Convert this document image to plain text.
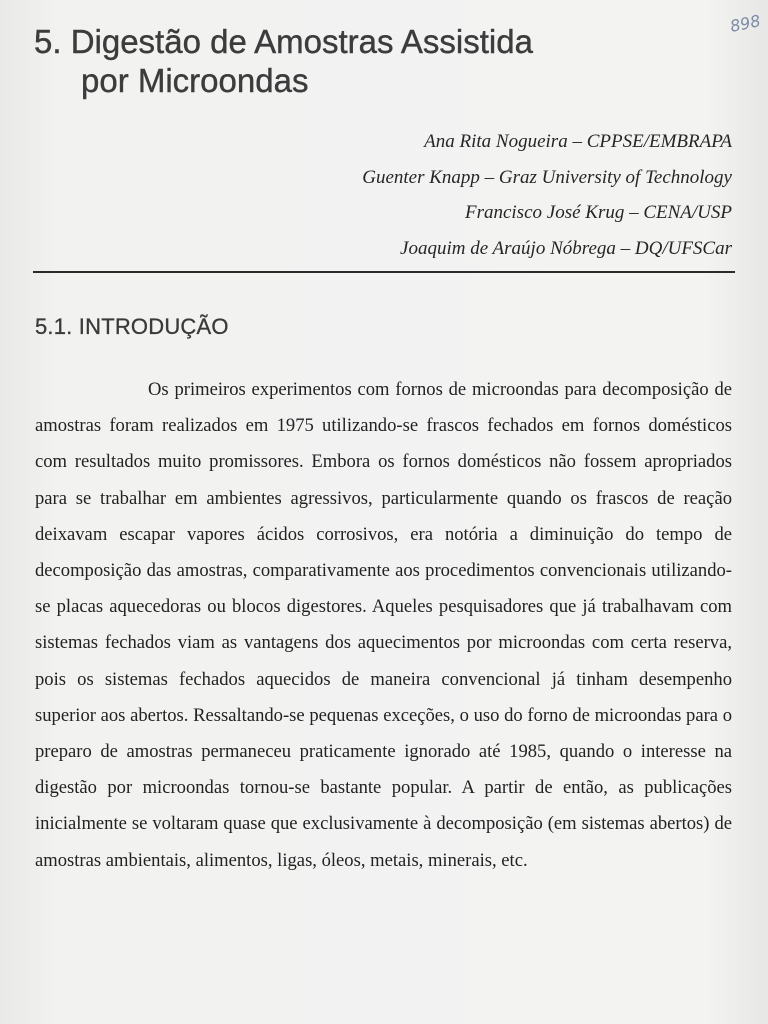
5. Digestão de Amostras Assistida
por Microondas
898
Ana Rita Nogueira – CPPSE/EMBRAPA
Guenter Knapp – Graz University of Technology
Francisco José Krug – CENA/USP
Joaquim de Araújo Nóbrega – DQ/UFSCar
5.1. INTRODUÇÃO

Os primeiros experimentos com fornos de microondas para decomposição de amostras foram realizados em 1975 utilizando-se frascos fechados em fornos domésticos com resultados muito promissores. Embora os fornos domésticos não fossem apropriados para se trabalhar em ambientes agressivos, particularmente quando os frascos de reação deixavam escapar vapores ácidos corrosivos, era notória a diminuição do tempo de decomposição das amostras, comparativamente aos procedimentos convencionais utilizando-se placas aquecedoras ou blocos digestores. Aqueles pesquisadores que já trabalhavam com sistemas fechados viam as vantagens dos aquecimentos por microondas com certa reserva, pois os sistemas fechados aquecidos de maneira convencional já tinham desempenho superior aos abertos. Ressaltando-se pequenas exceções, o uso do forno de microondas para o preparo de amostras permaneceu praticamente ignorado até 1985, quando o interesse na digestão por microondas tornou-se bastante popular. A partir de então, as publicações inicialmente se voltaram quase que exclusivamente à decomposição (em sistemas abertos) de amostras ambientais, alimentos, ligas, óleos, metais, minerais, etc.
